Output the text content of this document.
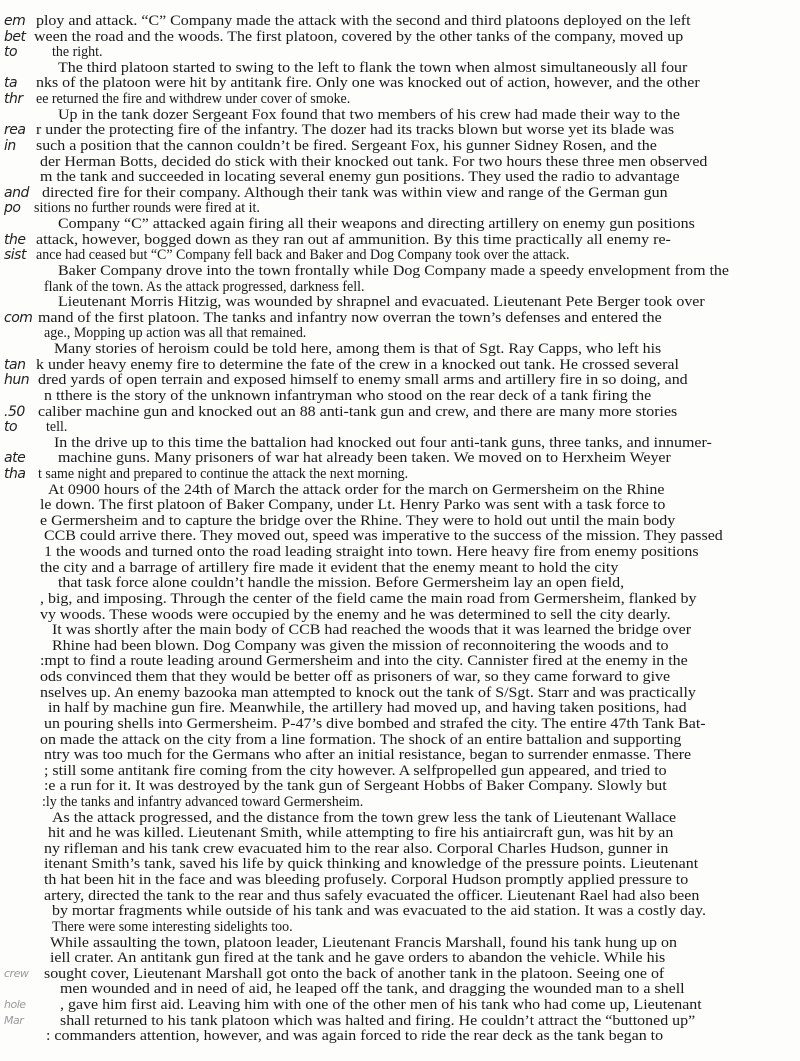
em ploy and attack. “C” Company made the attack with the second and third platoons deployed on the left
bet ween the road and the woods. The first platoon, covered by the other tanks of the company, moved up
to	the right.
The third platoon started to swing to the left to flank the town when almost simultaneously all four
ta	nks of the platoon were hit by antitank fire. Only one was knocked out of action, however, and the other
thr ee returned the fire and withdrew under cover of smoke.
Up in the tank dozer Sergeant Fox found that two members of his crew had made their way to the
rea r under the protecting fire of the infantry. The dozer had its tracks blown but worse yet its blade was
in	such a position that the cannon couldn’t be fired. Sergeant Fox, his gunner Sidney Rosen, and the
der Herman Botts, decided do stick with their knocked out tank. For two hours these three men observed
m the tank and succeeded in locating several enemy gun positions. They used the radio to advantage
and directed fire for their company. Although their tank was within view and range of the German gun
po sitions no further rounds were fired at it.
Company “C” attacked again firing all their weapons and directing artillery on enemy gun positions
the attack, however, bogged down as they ran out af ammunition. By this time practically all enemy re-
sist ance had ceased but “C” Company fell back and Baker and Dog Company took over the attack.
Baker Company drove into the town frontally while Dog Company made a speedy envelopment from the
flank of the town. As the attack progressed, darkness fell.
Lieutenant Morris Hitzig, was wounded by shrapnel and evacuated. Lieutenant Pete Berger took over
com mand of the first platoon. The tanks and infantry now overran the town’s defenses and entered the
age., Mopping up action was all that remained.
Many stories of heroism could be told here, among them is that of Sgt. Ray Capps, who left his
tan k under heavy enemy fire to determine the fate of the crew in a knocked out tank. He crossed several
hun dred yards of open terrain and exposed himself to enemy small arms and artillery fire in so doing, and
n tthere is the story of the unknown infantryman who stood on the rear deck of a tank firing the
.50 caliber machine gun and knocked out an 88 anti-tank gun and crew, and there are many more stories
to	tell.
In the drive up to this time the battalion had knocked out four anti-tank guns, three tanks, and innumer-
ate	machine guns. Many prisoners of war hat already been taken. We moved on to Herxheim Weyer
tha t same night and prepared to continue the attack the next morning.
At 0900 hours of the 24th of March the attack order for the march on Germersheim on the Rhine
le down. The first platoon of Baker Company, under Lt. Henry Parko was sent with a task force to
e Germersheim and to capture the bridge over the Rhine. They were to hold out until the main body
CCB could arrive there. They moved out, speed was imperative to the success of the mission. They passed
1 the woods and turned onto the road leading straight into town. Here heavy fire from enemy positions
the city and a barrage of artillery fire made it evident that the enemy meant to hold the city
that task force alone couldn’t handle the mission. Before Germersheim lay an open field,
, big, and imposing. Through the center of the field came the main road from Germersheim, flanked by
vy woods. These woods were occupied by the enemy and he was determined to sell the city dearly.
It was shortly after the main body of CCB had reached the woods that it was learned the bridge over
Rhine had been blown. Dog Company was given the mission of reconnoitering the woods and to
:mpt to find a route leading around Germersheim and into the city. Cannister fired at the enemy in the
ods convinced them that they would be better off as prisoners of war, so they came forward to give
nselves up. An enemy bazooka man attempted to knock out the tank of S/Sgt. Starr and was practically
in half by machine gun fire. Meanwhile, the artillery had moved up, and having taken positions, had
un pouring shells into Germersheim. P-47’s dive bombed and strafed the city. The entire 47th Tank Bat-
on made the attack on the city from a line formation. The shock of an entire battalion and supporting
ntry was too much for the Germans who after an initial resistance, began to surrender enmasse. There
; still some antitank fire coming from the city however. A selfpropelled gun appeared, and tried to
:e a run for it. It was destroyed by the tank gun of Sergeant Hobbs of Baker Company. Slowly but
:ly the tanks and infantry advanced toward Germersheim.
As the attack progressed, and the distance from the town grew less the tank of Lieutenant Wallace
hit and he was killed. Lieutenant Smith, while attempting to fire his antiaircraft gun, was hit by an
ny rifleman and his tank crew evacuated him to the rear also. Corporal Charles Hudson, gunner in
itenant Smith’s tank, saved his life by quick thinking and knowledge of the pressure points. Lieutenant
th hat been hit in the face and was bleeding profusely. Corporal Hudson promptly applied pressure to
artery, directed the tank to the rear and thus safely evacuated the officer. Lieutenant Rael had also been
by mortar fragments while outside of his tank and was evacuated to the aid station. It was a costly day.
There were some interesting sidelights too.
While assaulting the town, platoon leader, Lieutenant Francis Marshall, found his tank hung up on
iell crater. An antitank gun fired at the tank and he gave orders to abandon the vehicle. While his
crew	sought cover, Lieutenant Marshall got onto the back of another tank in the platoon. Seeing one of
men wounded and in need of aid, he leaped off the tank, and dragging the wounded man to a shell
hole	, gave him first aid. Leaving him with one of the other men of his tank who had come up, Lieutenant
Mar	shall returned to his tank platoon which was halted and firing. He couldn’t attract the “buttoned up”
: commanders attention, however, and was again forced to ride the rear deck as the tank began to
